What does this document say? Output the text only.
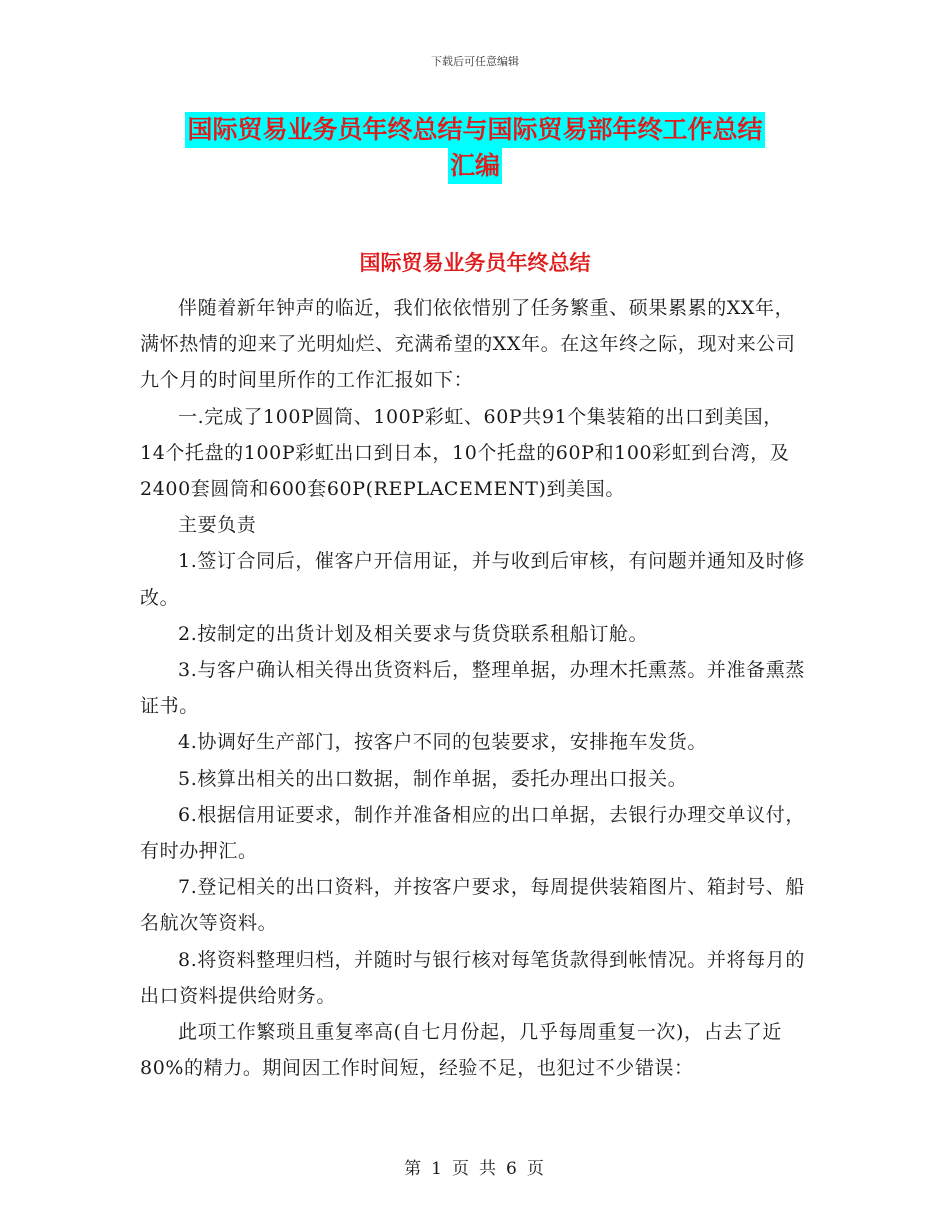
下载后可任意编辑
国际贸易业务员年终总结与国际贸易部年终工作总结
汇编
国际贸易业务员年终总结

伴随着新年钟声的临近，我们依依惜别了任务繁重、硕果累累的XX年，满怀热情的迎来了光明灿烂、充满希望的XX年。在这年终之际，现对来公司九个月的时间里所作的工作汇报如下：

一.完成了100P圆筒、100P彩虹、60P共91个集装箱的出口到美国，14个托盘的100P彩虹出口到日本，10个托盘的60P和100彩虹到台湾，及2400套圆筒和600套60P(REPLACEMENT)到美国。

主要负责

1.签订合同后，催客户开信用证，并与收到后审核，有问题并通知及时修改。

2.按制定的出货计划及相关要求与货贷联系租船订舱。

3.与客户确认相关得出货资料后，整理单据，办理木托熏蒸。并准备熏蒸证书。

4.协调好生产部门，按客户不同的包装要求，安排拖车发货。

5.核算出相关的出口数据，制作单据，委托办理出口报关。

6.根据信用证要求，制作并准备相应的出口单据，去银行办理交单议付，有时办押汇。

7.登记相关的出口资料，并按客户要求，每周提供装箱图片、箱封号、船名航次等资料。

8.将资料整理归档，并随时与银行核对每笔货款得到帐情况。并将每月的出口资料提供给财务。

此项工作繁琐且重复率高(自七月份起，几乎每周重复一次)，占去了近80%的精力。期间因工作时间短，经验不足，也犯过不少错误：

第 1 页 共 6 页
